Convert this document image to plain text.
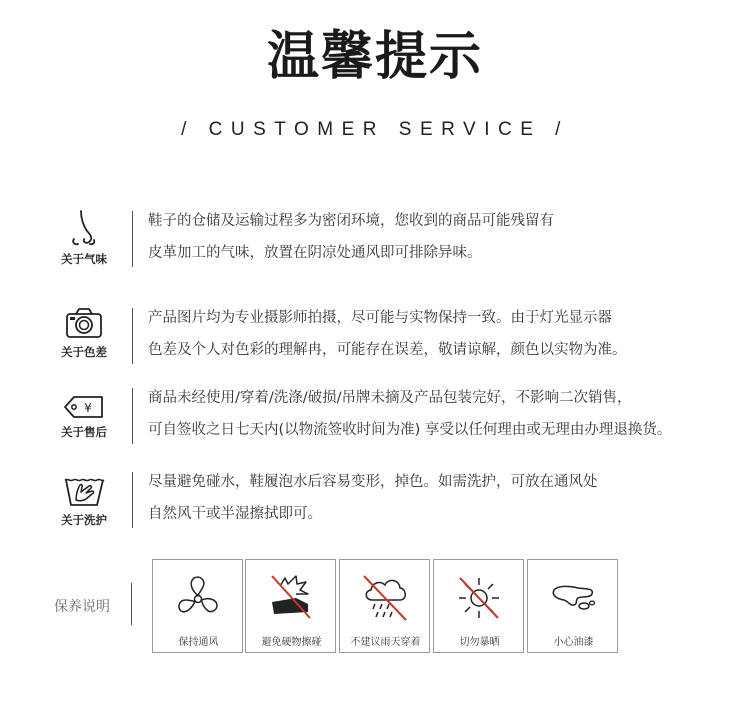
温馨提示
/ CUSTOMER SERVICE /
关于气味
鞋子的仓储及运输过程多为密闭环境，您收到的商品可能残留有
皮革加工的气味，放置在阴凉处通风即可排除异味。
关于色差
产品图片均为专业摄影师拍摄，尽可能与实物保持一致。由于灯光显示器
色差及个人对色彩的理解冉，可能存在误差，敬请谅解，颜色以实物为准。
¥
关于售后
商品未经使用/穿着/洗涤/破损/吊牌未摘及产品包装完好，不影响二次销售，
可自签收之日七天内(以物流签收时间为准) 享受以任何理由或无理由办理退换货。
关于洗护
尽量避免碰水，鞋履泡水后容易变形，掉色。如需洗护，可放在通风处
自然风干或半湿擦拭即可。
保养说明
保持通风	避免硬物擦碰	不建议雨天穿着	切勿暴晒	小心油漆
